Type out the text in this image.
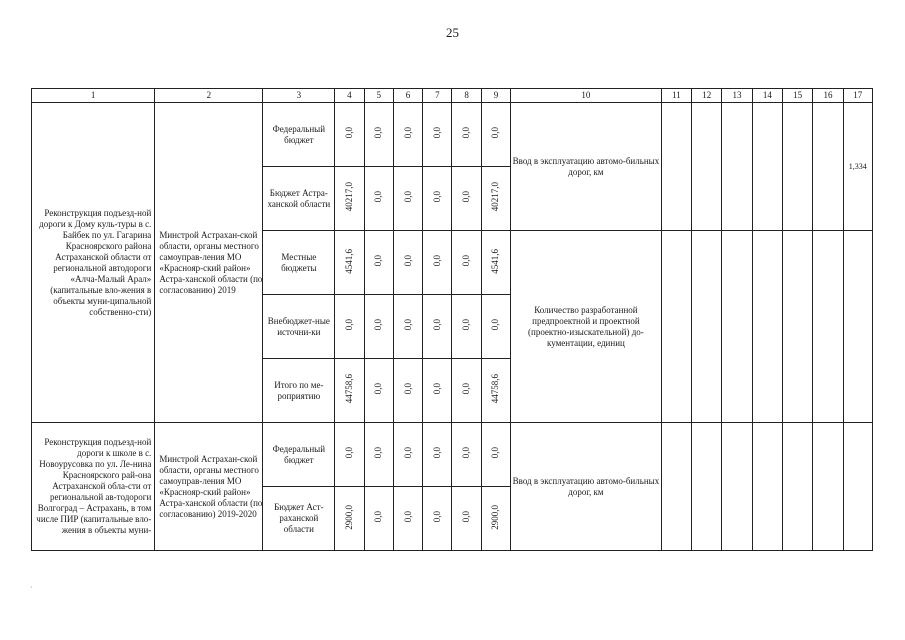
25
1	2	3	4	5	6	7	8	9	10	11	12	13	14	15	16	17
Реконструкция подъезд-ной дороги к Дому куль-туры в с. Байбек по ул. Гагарина Красноярского района Астраханской области от региональной автодороги «Алча-Малый Арал» (капитальные вло-жения в объекты муни-ципальной собственно-сти)	Минстрой Астрахан-ской области, органы местного самоуправ-ления МО «Краснояр-ский район» Астра-ханской области (по согласованию) 2019	Федеральный бюджет	0,0	0,0	0,0	0,0	0,0	0,0	Ввод в эксплуатацию автомо-бильных дорог, км							1,334
		Бюджет Астра-ханской области	40217,0	0,0	0,0	0,0	0,0	40217,0								
		Местные бюджеты	4541,6	0,0	0,0	0,0	0,0	4541,6	Количество разработанной предпроектной и проектной (проектно-изыскательной) до-кументации, единиц							
		Внебюджет-ные источни-ки	0,0	0,0	0,0	0,0	0,0	0,0								
		Итого по ме-роприятию	44758,6	0,0	0,0	0,0	0,0	44758,6								
Реконструкция подъезд-ной дороги к школе в с. Новоурусовка по ул. Ле-нина Красноярского рай-она Астраханской обла-сти от региональной ав-тодороги Волгоград – Астрахань, в том числе ПИР (капитальные вло-жения в объекты муни-	Минстрой Астрахан-ской области, органы местного самоуправ-ления МО «Краснояр-ский район» Астра-ханской области (по согласованию) 2019-2020	Федеральный бюджет	0,0	0,0	0,0	0,0	0,0	0,0	Ввод в эксплуатацию автомо-бильных дорог, км							
		Бюджет Аст-раханской области	2900,0	0,0	0,0	0,0	0,0	2900,0								
·
